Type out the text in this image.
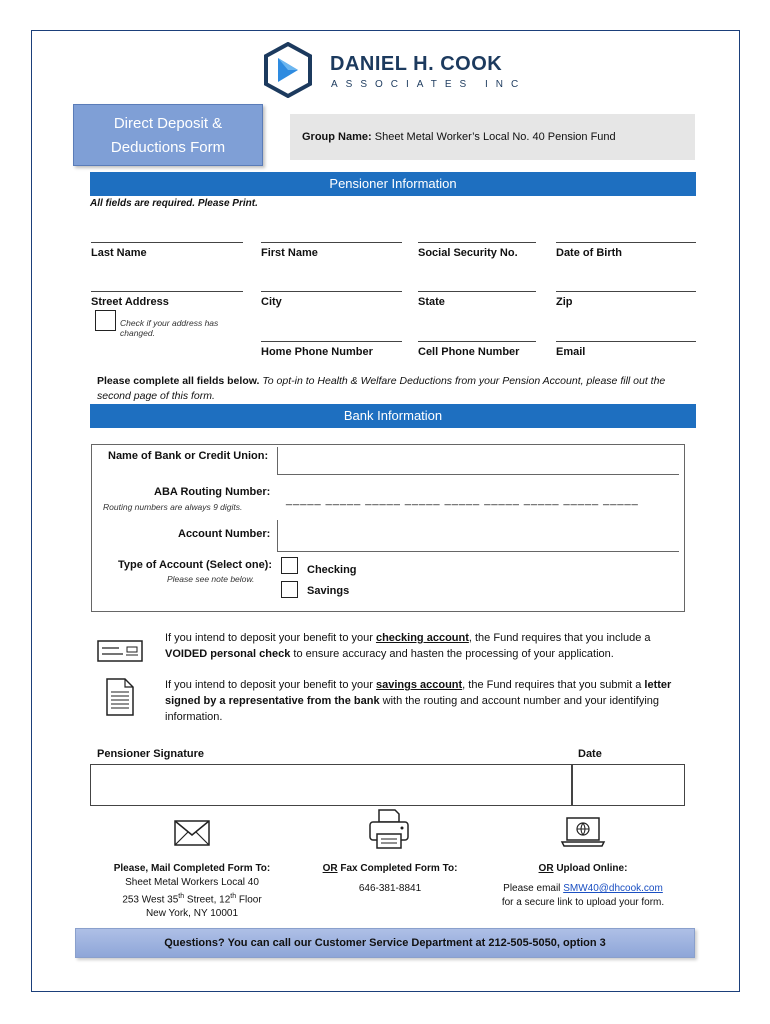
DANIEL H. COOK
ASSOCIATES INC
Direct Deposit &
Deductions Form
Group Name: Sheet Metal Worker’s Local No. 40 Pension Fund
Pensioner Information
All fields are required. Please Print.
Last Name	First Name	Social Security No.	Date of Birth
Street Address	City	State	Zip
Check if your address has changed.
Home Phone Number	Cell Phone Number	Email
Please complete all fields below. To opt-in to Health & Welfare Deductions from your Pension Account, please fill out the second page of this form.
Bank Information
Name of Bank or Credit Union:
ABA Routing Number:
Routing numbers are always 9 digits.
_____ _____ _____ _____ _____ _____ _____ _____ _____
Account Number:
Type of Account (Select one):
Please see note below.
Checking
Savings
If you intend to deposit your benefit to your checking account, the Fund requires that you include a VOIDED personal check to ensure accuracy and hasten the processing of your application.
If you intend to deposit your benefit to your savings account, the Fund requires that you submit a letter signed by a representative from the bank with the routing and account number and your identifying information.
Pensioner Signature	Date
Please, Mail Completed Form To:
Sheet Metal Workers Local 40
253 West 35th Street, 12th Floor
New York, NY 10001
OR Fax Completed Form To:
646-381-8841
OR Upload Online:
Please email SMW40@dhcook.com
for a secure link to upload your form.
Questions? You can call our Customer Service Department at 212-505-5050, option 3
